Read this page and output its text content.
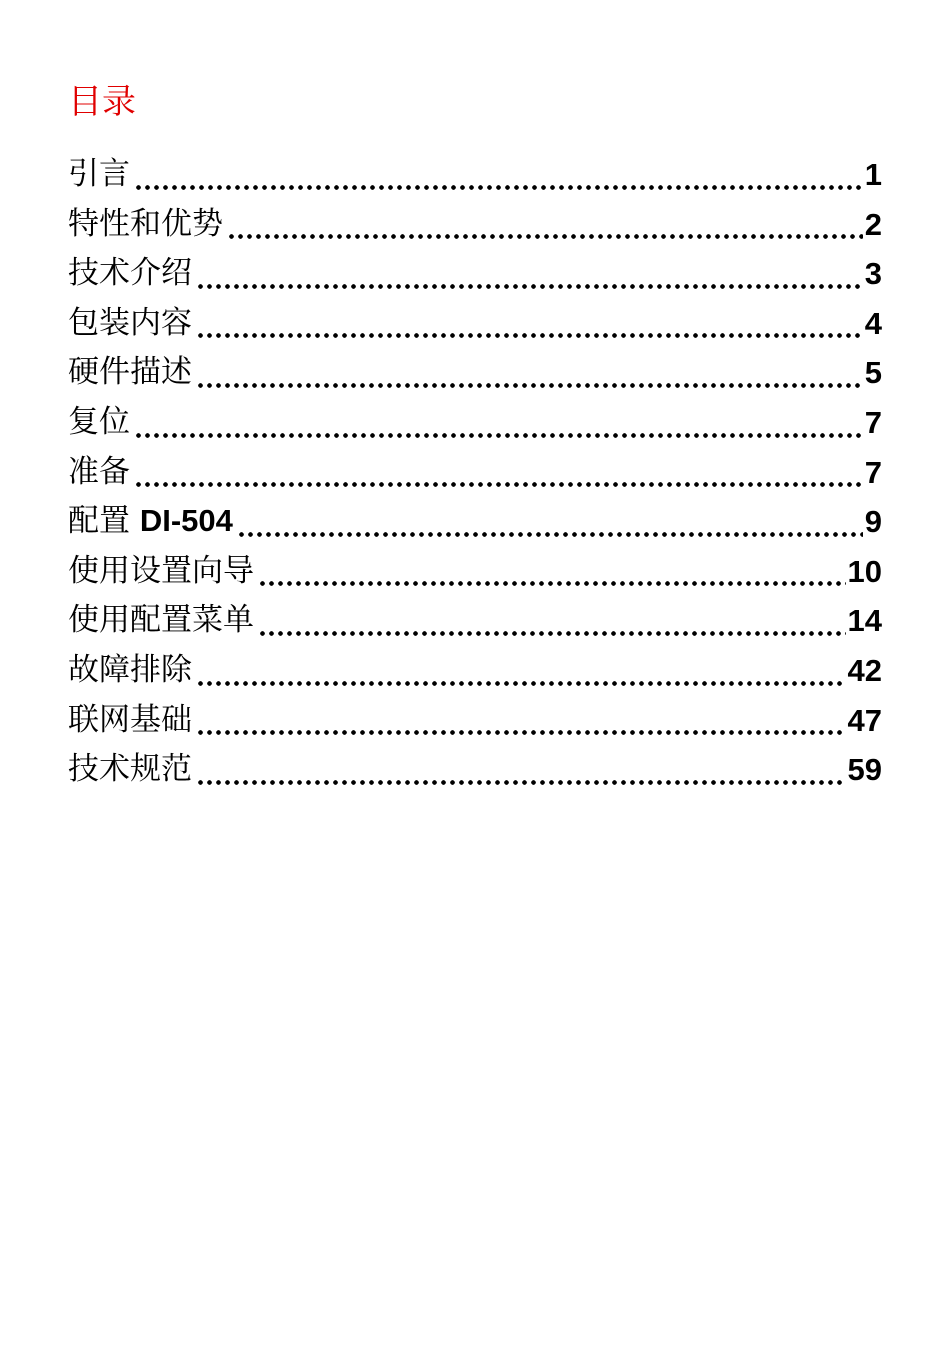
目录
引言	1
特性和优势	2
技术介绍	3
包装内容	4
硬件描述	5
复位	7
准备	7
配置 DI-504	9
使用设置向导	10
使用配置菜单	14
故障排除	42
联网基础	47
技术规范	59
